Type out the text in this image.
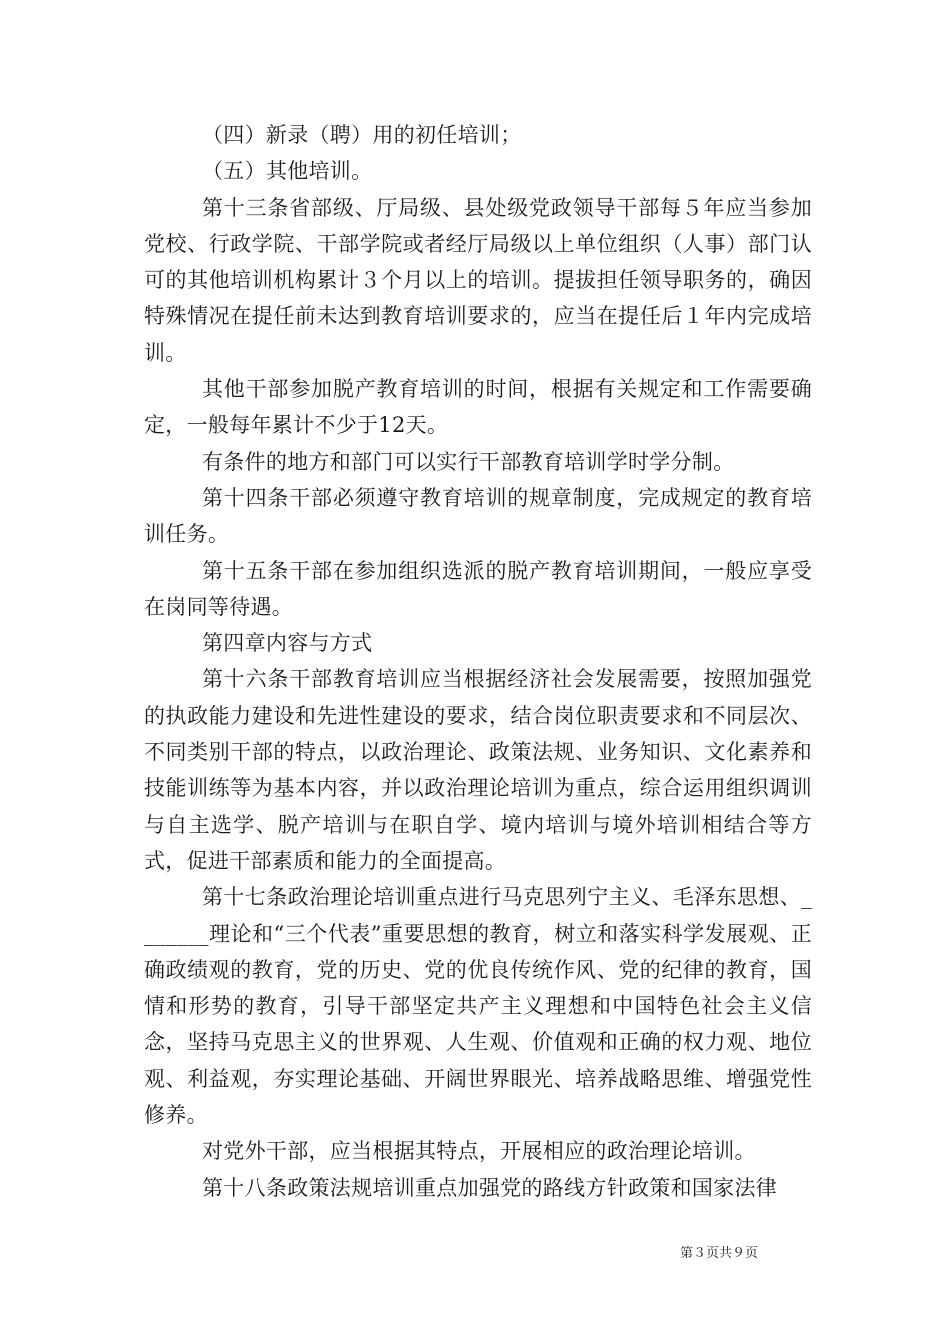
（四）新录（聘）用的初任培训；

（五）其他培训。

第十三条省部级、厅局级、县处级党政领导干部每５年应当参加党校、行政学院、干部学院或者经厅局级以上单位组织（人事）部门认可的其他培训机构累计３个月以上的培训。提拔担任领导职务的，确因特殊情况在提任前未达到教育培训要求的，应当在提任后１年内完成培训。

其他干部参加脱产教育培训的时间，根据有关规定和工作需要确定，一般每年累计不少于12天。

有条件的地方和部门可以实行干部教育培训学时学分制。

第十四条干部必须遵守教育培训的规章制度，完成规定的教育培训任务。

第十五条干部在参加组织选派的脱产教育培训期间，一般应享受在岗同等待遇。

第四章内容与方式

第十六条干部教育培训应当根据经济社会发展需要，按照加强党的执政能力建设和先进性建设的要求，结合岗位职责要求和不同层次、不同类别干部的特点，以政治理论、政策法规、业务知识、文化素养和技能训练等为基本内容，并以政治理论培训为重点，综合运用组织调训与自主选学、脱产培训与在职自学、境内培训与境外培训相结合等方式，促进干部素质和能力的全面提高。

第十七条政治理论培训重点进行马克思列宁主义、毛泽东思想、_______理论和“三个代表”重要思想的教育，树立和落实科学发展观、正确政绩观的教育，党的历史、党的优良传统作风、党的纪律的教育，国情和形势的教育，引导干部坚定共产主义理想和中国特色社会主义信念，坚持马克思主义的世界观、人生观、价值观和正确的权力观、地位观、利益观，夯实理论基础、开阔世界眼光、培养战略思维、增强党性修养。

对党外干部，应当根据其特点，开展相应的政治理论培训。

第十八条政策法规培训重点加强党的路线方针政策和国家法律

第３页共９页
